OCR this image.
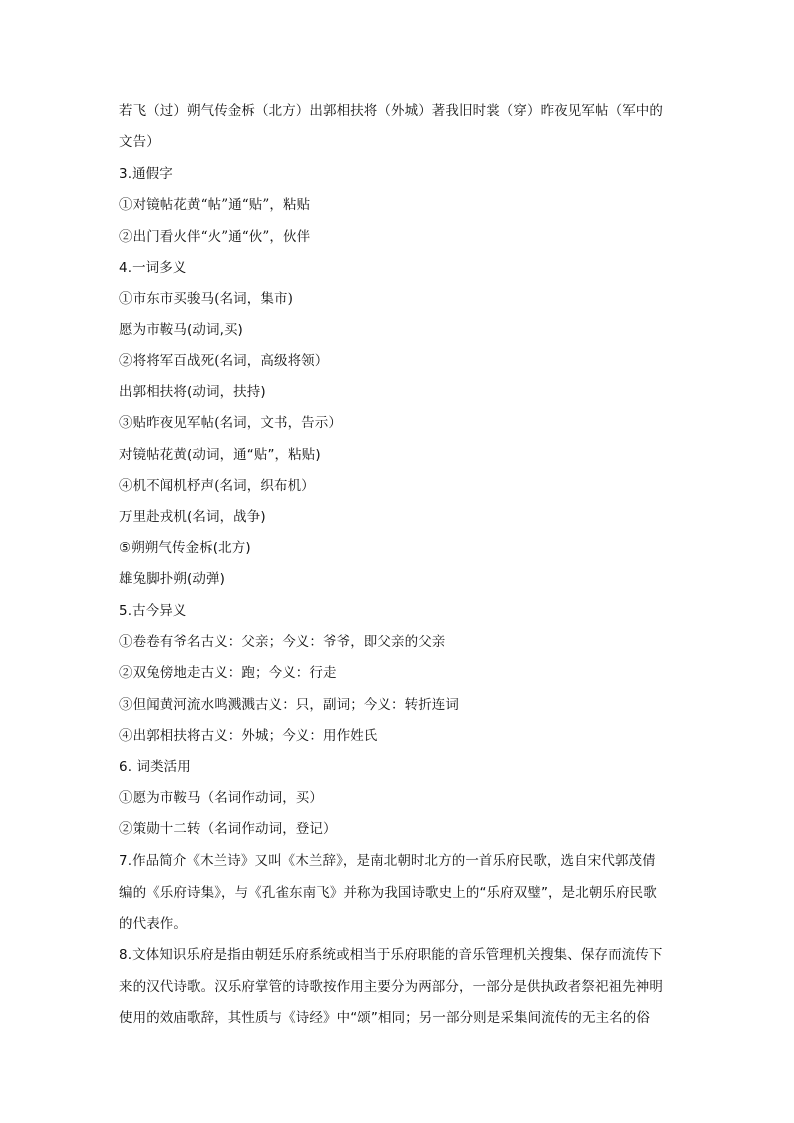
若飞（过）朔气传金柝（北方）出郭相扶将（外城）著我旧时裳（穿）昨夜见军帖（军中的
文告）
3.通假字
①对镜帖花黄“帖”通“贴”，粘贴
②出门看火伴“火”通“伙”，伙伴
4.一词多义
①市东市买骏马(名词，集市)
愿为市鞍马(动词,买)
②将将军百战死(名词，高级将领）
出郭相扶将(动词，扶持)
③贴昨夜见军帖(名词，文书，告示）
对镜帖花黄(动词，通“贴”，粘贴)
④机不闻机杼声(名词，织布机）
万里赴戎机(名词，战争)
⑤朔朔气传金柝(北方)
雄兔脚扑朔(动弹)
5.古今异义
①卷卷有爷名古义：父亲；今义：爷爷，即父亲的父亲
②双兔傍地走古义：跑；今义：行走
③但闻黄河流水鸣溅溅古义：只，副词；今义：转折连词
④出郭相扶将古义：外城；今义：用作姓氏
6. 词类活用
①愿为市鞍马（名词作动词，买）
②策勋十二转（名词作动词，登记）
7.作品简介《木兰诗》又叫《木兰辞》，是南北朝时北方的一首乐府民歌，选自宋代郭茂倩
编的《乐府诗集》，与《孔雀东南飞》并称为我国诗歌史上的“乐府双璧”，是北朝乐府民歌
的代表作。
8.文体知识乐府是指由朝廷乐府系统或相当于乐府职能的音乐管理机关搜集、保存而流传下
来的汉代诗歌。汉乐府掌管的诗歌按作用主要分为两部分，一部分是供执政者祭祀祖先神明
使用的效庙歌辞，其性质与《诗经》中“颂”相同；另一部分则是采集间流传的无主名的俗
